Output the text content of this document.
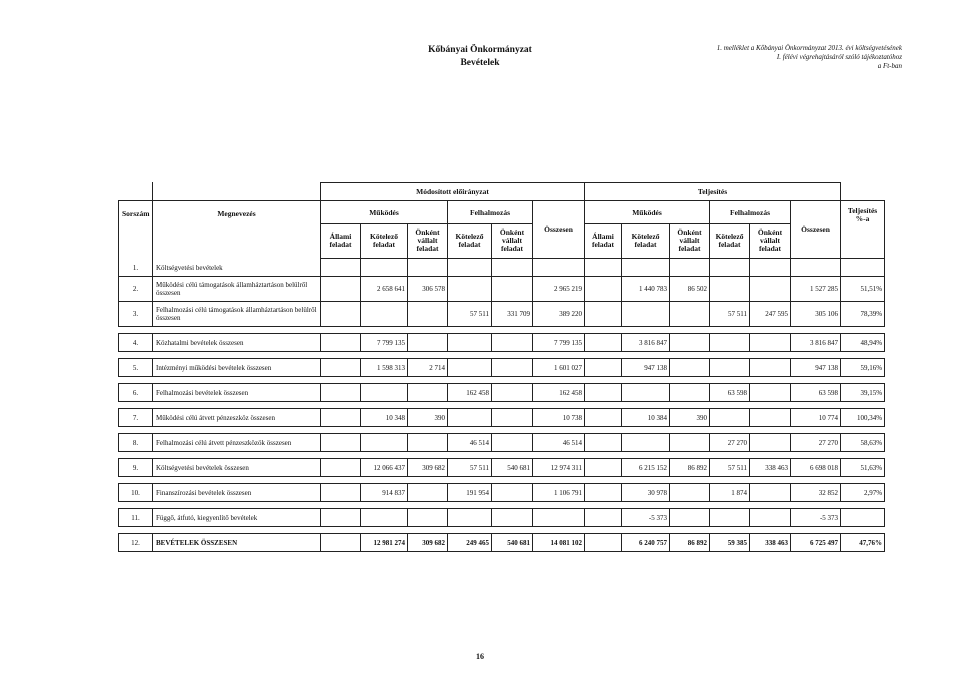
Kőbányai Önkormányzat
Bevételek
1. melléklet a Kőbányai Önkormányzat 2013. évi költségvetésének
I. félévi végrehajtásáról szóló tájékoztatóhoz
a Ft-ban
		Módosított előirányzat						Teljesítés						
Sorszám	Megnevezés	Működés			Felhalmozás		Összesen	Működés			Felhalmozás		Összesen	Teljesítés %-a
		Állami feladat	Kötelező feladat	Önként vállalt feladat	Kötelező feladat	Önként vállalt feladat		Állami feladat	Kötelező feladat	Önként vállalt feladat	Kötelező feladat	Önként vállalt feladat		
1.	Költségvetési bevételek													
2.	Működési célú támogatások államháztartáson belülről összesen		2 658 641	306 578			2 965 219		1 440 783	86 502			1 527 285	51,51%
3.	Felhalmozási célú támogatások államháztartáson belülről összesen				57 511	331 709	389 220				57 511	247 595	305 106	78,39%

4.	Közhatalmi bevételek összesen		7 799 135				7 799 135		3 816 847				3 816 847	48,94%

5.	Intézményi működési bevételek összesen		1 598 313	2 714			1 601 027		947 138				947 138	59,16%

6.	Felhalmozási bevételek összesen				162 458		162 458				63 598		63 598	39,15%

7.	Működési célú átvett pénzeszköz összesen		10 348	390			10 738		10 384	390			10 774	100,34%

8.	Felhalmozási célú átvett pénzeszközök összesen				46 514		46 514				27 270		27 270	58,63%

9.	Költségvetési bevételek összesen		12 066 437	309 682	57 511	540 681	12 974 311		6 215 152	86 892	57 511	338 463	6 698 018	51,63%

10.	Finanszírozási bevételek összesen		914 837		191 954		1 106 791		30 978		1 874		32 852	2,97%

11.	Függő, átfutó, kiegyenlítő bevételek								-5 373				-5 373	

12.	BEVÉTELEK ÖSSZESEN		12 981 274	309 682	249 465	540 681	14 081 102		6 240 757	86 892	59 385	338 463	6 725 497	47,76%
16
